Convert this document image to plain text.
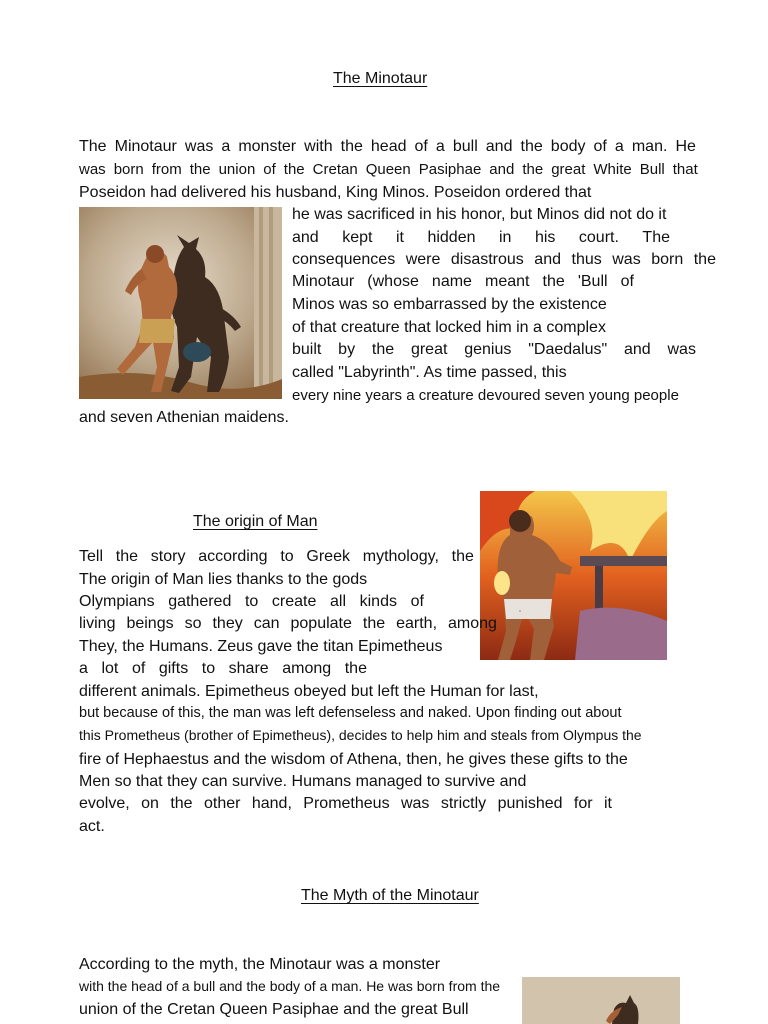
The Minotaur
The Minotaur was a monster with the head of a bull and the body of a man. He
was born from the union of the Cretan Queen Pasiphae and the great White Bull that
Poseidon had delivered his husband, King Minos. Poseidon ordered that
he was sacrificed in his honor, but Minos did not do it
and kept it hidden in his court. The
consequences were disastrous and thus was born the
Minotaur (whose name meant the 'Bull of
Minos was so embarrassed by the existence
of that creature that locked him in a complex
built by the great genius "Daedalus" and was
called "Labyrinth". As time passed, this
every nine years a creature devoured seven young people
and seven Athenian maidens.
The origin of Man
Tell the story according to Greek mythology, the
The origin of Man lies thanks to the gods
Olympians gathered to create all kinds of
living beings so they can populate the earth, among
They, the Humans. Zeus gave the titan Epimetheus
a lot of gifts to share among the
different animals. Epimetheus obeyed but left the Human for last,
but because of this, the man was left defenseless and naked. Upon finding out about
this Prometheus (brother of Epimetheus), decides to help him and steals from Olympus the
fire of Hephaestus and the wisdom of Athena, then, he gives these gifts to the
Men so that they can survive. Humans managed to survive and
evolve, on the other hand, Prometheus was strictly punished for it
act.
The Myth of the Minotaur
According to the myth, the Minotaur was a monster
with the head of a bull and the body of a man. He was born from the
union of the Cretan Queen Pasiphae and the great Bull
